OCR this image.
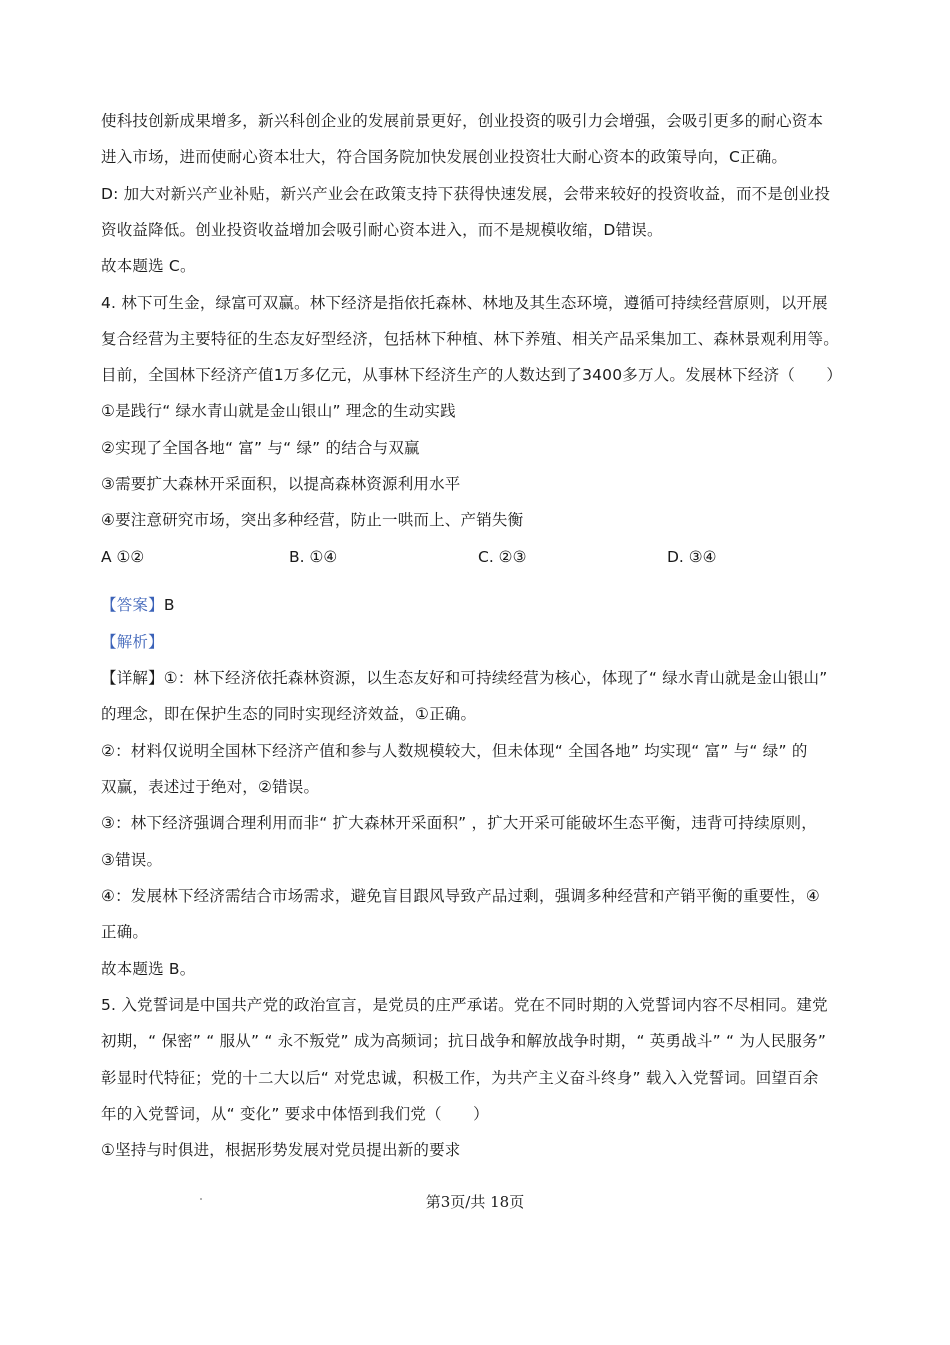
使科技创新成果增多，新兴科创企业的发展前景更好，创业投资的吸引力会增强，会吸引更多的耐心资本
进入市场，进而使耐心资本壮大，符合国务院加快发展创业投资壮大耐心资本的政策导向，C正确。
D: 加大对新兴产业补贴，新兴产业会在政策支持下获得快速发展，会带来较好的投资收益，而不是创业投
资收益降低。创业投资收益增加会吸引耐心资本进入，而不是规模收缩，D错误。
故本题选 C。
4. 林下可生金，绿富可双赢。林下经济是指依托森林、林地及其生态环境，遵循可持续经营原则，以开展
复合经营为主要特征的生态友好型经济，包括林下种植、林下养殖、相关产品采集加工、森林景观利用等。
目前，全国林下经济产值1万多亿元，从事林下经济生产的人数达到了3400多万人。发展林下经济（　　）
①是践行“ 绿水青山就是金山银山” 理念的生动实践
②实现了全国各地“ 富” 与“ 绿” 的结合与双赢
③需要扩大森林开采面积，以提高森林资源利用水平
④要注意研究市场，突出多种经营，防止一哄而上、产销失衡
A ①②	B. ①④	C. ②③	D. ③④
【答案】B
【解析】
【详解】①：林下经济依托森林资源，以生态友好和可持续经营为核心，体现了“ 绿水青山就是金山银山”
的理念，即在保护生态的同时实现经济效益，①正确。
②：材料仅说明全国林下经济产值和参与人数规模较大，但未体现“ 全国各地” 均实现“ 富” 与“ 绿” 的
双赢，表述过于绝对，②错误。
③：林下经济强调合理利用而非“ 扩大森林开采面积” ，扩大开采可能破坏生态平衡，违背可持续原则，
③错误。
④：发展林下经济需结合市场需求，避免盲目跟风导致产品过剩，强调多种经营和产销平衡的重要性，④
正确。
故本题选 B。
5. 入党誓词是中国共产党的政治宣言，是党员的庄严承诺。党在不同时期的入党誓词内容不尽相同。建党
初期，“ 保密” “ 服从” “ 永不叛党” 成为高频词；抗日战争和解放战争时期，“ 英勇战斗” “ 为人民服务”
彰显时代特征；党的十二大以后“ 对党忠诚，积极工作，为共产主义奋斗终身” 载入入党誓词。回望百余
年的入党誓词，从“ 变化” 要求中体悟到我们党（　　）
①坚持与时俱进，根据形势发展对党员提出新的要求
第3页/共 18页
